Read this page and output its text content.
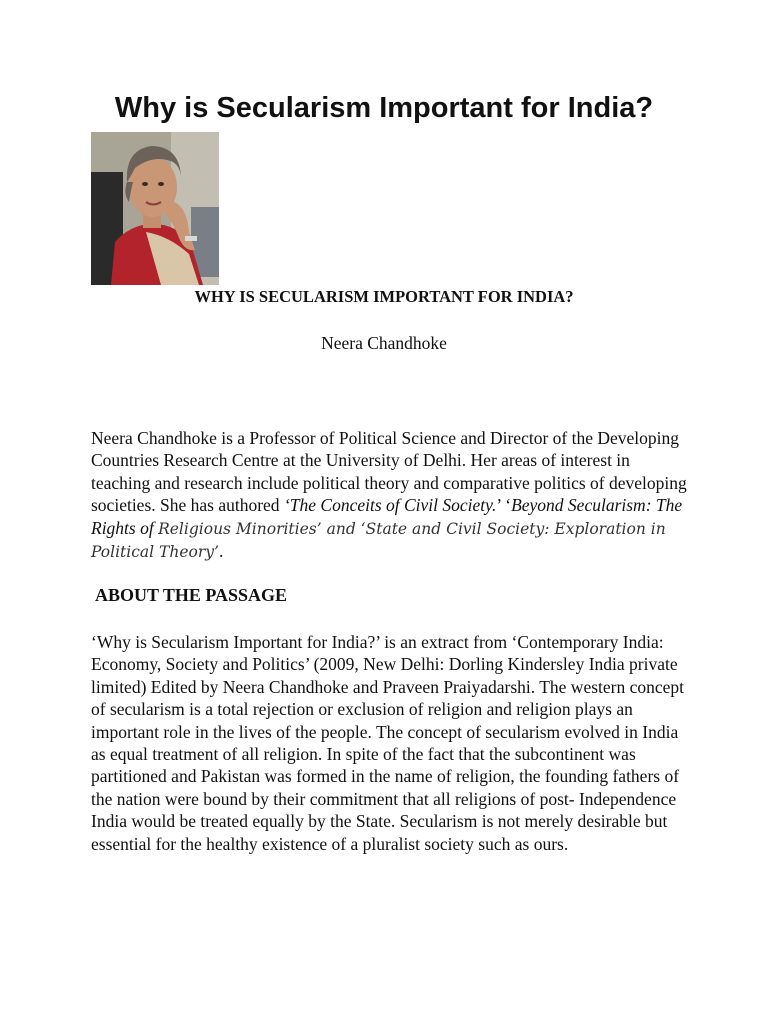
Why is Secularism Important for India?

WHY IS SECULARISM IMPORTANT FOR INDIA?

Neera Chandhoke

Neera Chandhoke is a Professor of Political Science and Director of the Developing Countries Research Centre at the University of Delhi. Her areas of interest in teaching and research include political theory and comparative politics of developing societies. She has authored ‘The Conceits of Civil Society.’ ‘Beyond Secularism: The Rights of Religious Minorities’ and ‘State and Civil Society: Exploration in Political Theory’.

ABOUT THE PASSAGE

‘Why is Secularism Important for India?’ is an extract from ‘Contemporary India: Economy, Society and Politics’ (2009, New Delhi: Dorling Kindersley India private limited) Edited by Neera Chandhoke and Praveen Praiyadarshi. The western concept of secularism is a total rejection or exclusion of religion and religion plays an important role in the lives of the people. The concept of secularism evolved in India as equal treatment of all religion. In spite of the fact that the subcontinent was partitioned and Pakistan was formed in the name of religion, the founding fathers of the nation were bound by their commitment that all religions of post- Independence India would be treated equally by the State. Secularism is not merely desirable but essential for the healthy existence of a pluralist society such as ours.
